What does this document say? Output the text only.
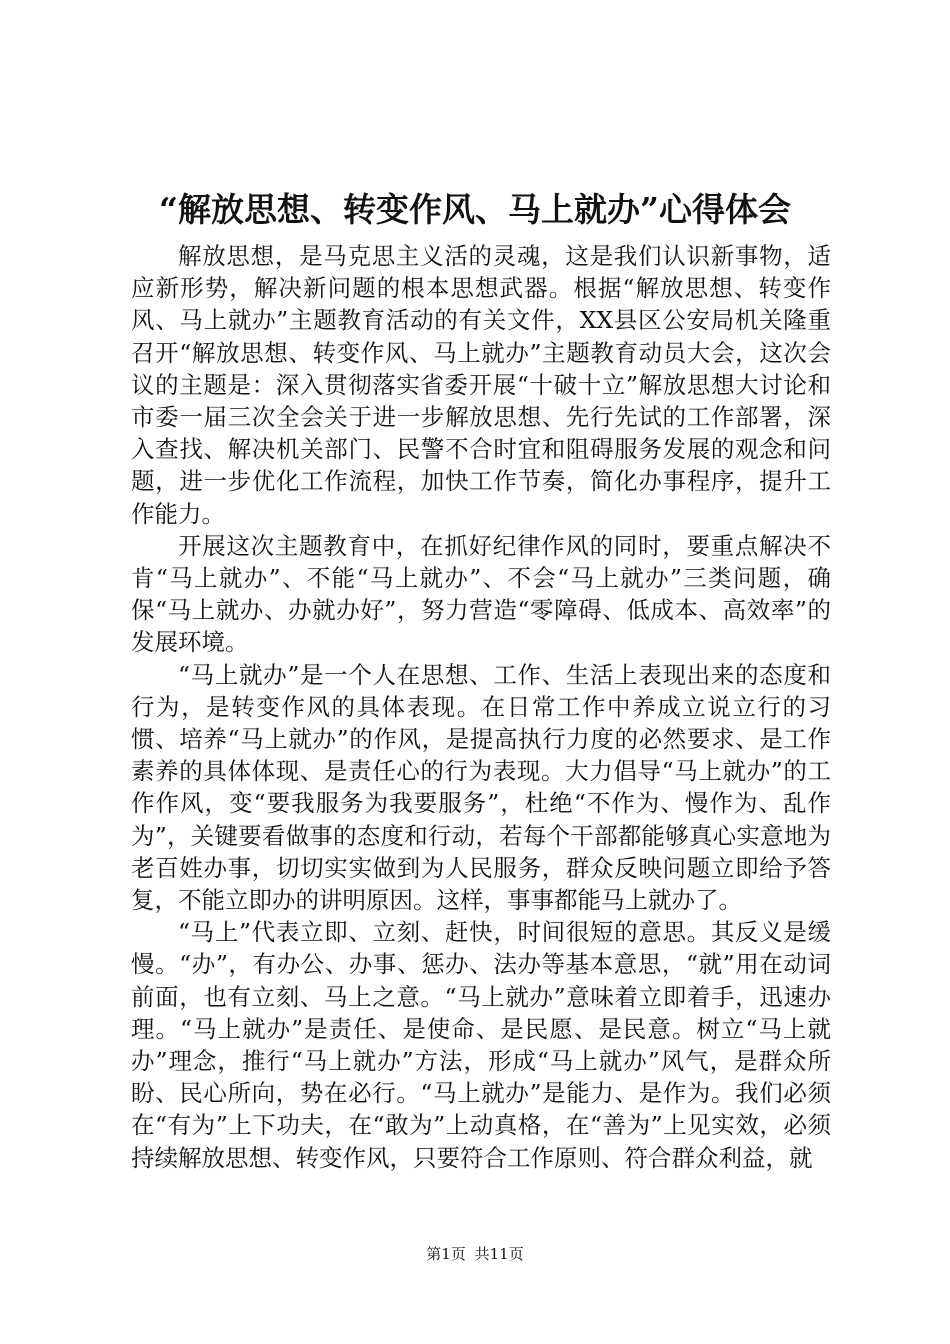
“解放思想、转变作风、马上就办”心得体会

解放思想，是马克思主义活的灵魂，这是我们认识新事物，适应新形势，解决新问题的根本思想武器。根据“解放思想、转变作风、马上就办”主题教育活动的有关文件，XX县区公安局机关隆重召开“解放思想、转变作风、马上就办”主题教育动员大会，这次会议的主题是：深入贯彻落实省委开展“十破十立”解放思想大讨论和市委一届三次全会关于进一步解放思想、先行先试的工作部署，深入查找、解决机关部门、民警不合时宜和阻碍服务发展的观念和问题，进一步优化工作流程，加快工作节奏，简化办事程序，提升工作能力。

开展这次主题教育中，在抓好纪律作风的同时，要重点解决不肯“马上就办”、不能“马上就办”、不会“马上就办”三类问题，确保“马上就办、办就办好”，努力营造“零障碍、低成本、高效率”的发展环境。

“马上就办”是一个人在思想、工作、生活上表现出来的态度和行为，是转变作风的具体表现。在日常工作中养成立说立行的习惯、培养“马上就办”的作风，是提高执行力度的必然要求、是工作素养的具体体现、是责任心的行为表现。大力倡导“马上就办”的工作作风，变“要我服务为我要服务”，杜绝“不作为、慢作为、乱作为”，关键要看做事的态度和行动，若每个干部都能够真心实意地为老百姓办事，切切实实做到为人民服务，群众反映问题立即给予答复，不能立即办的讲明原因。这样，事事都能马上就办了。

“马上”代表立即、立刻、赶快，时间很短的意思。其反义是缓慢。“办”，有办公、办事、惩办、法办等基本意思，“就”用在动词前面，也有立刻、马上之意。“马上就办”意味着立即着手，迅速办理。“马上就办”是责任、是使命、是民愿、是民意。树立“马上就办”理念，推行“马上就办”方法，形成“马上就办”风气，是群众所盼、民心所向，势在必行。“马上就办”是能力、是作为。我们必须在“有为”上下功夫，在“敢为”上动真格，在“善为”上见实效，必须持续解放思想、转变作风，只要符合工作原则、符合群众利益，就

第1页 共11页
